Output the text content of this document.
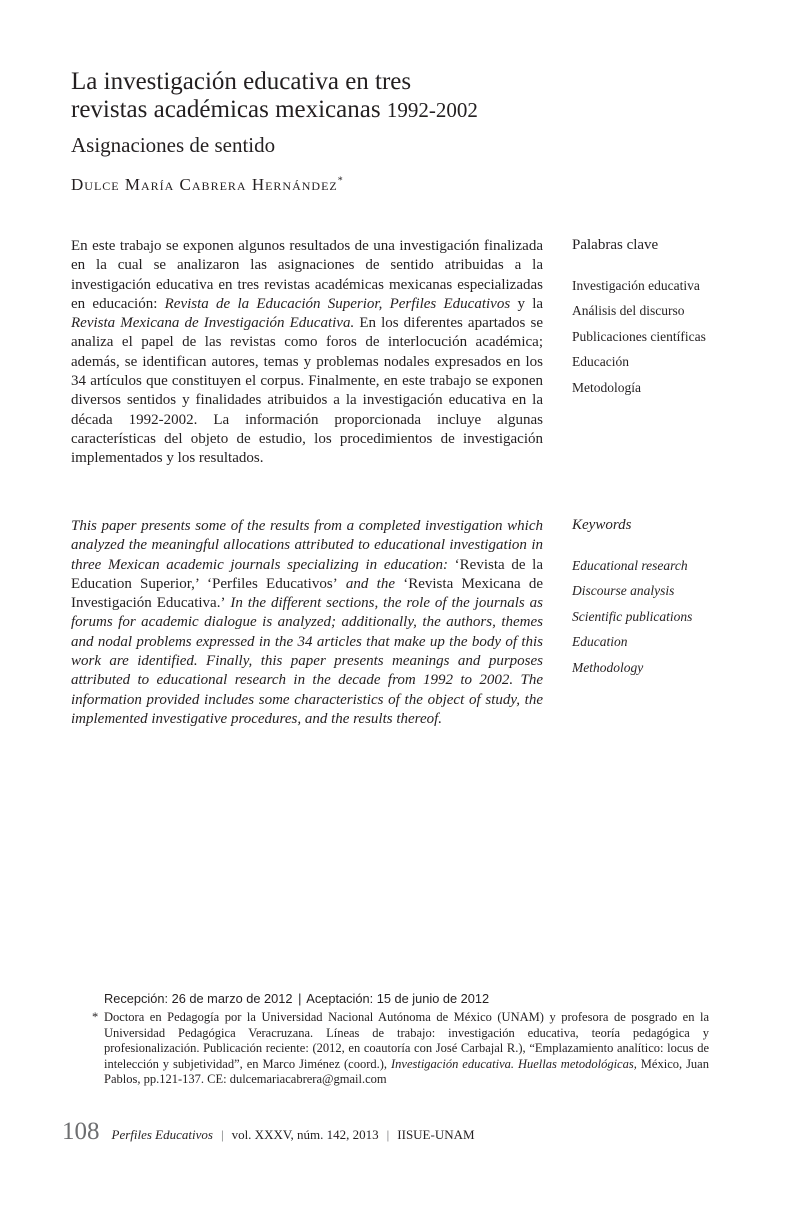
La investigación educativa en tres
revistas académicas mexicanas 1992-2002
Asignaciones de sentido
Dulce María Cabrera Hernández*
En este trabajo se exponen algunos resultados de una investigación finalizada en la cual se analizaron las asignaciones de sentido atribuidas a la investigación educativa en tres revistas académicas mexicanas especializadas en educación: Revista de la Educación Superior, Perfiles Educativos y la Revista Mexicana de Investigación Educativa. En los diferentes apartados se analiza el papel de las revistas como foros de interlocución académica; además, se identifican autores, temas y problemas nodales expresados en los 34 artículos que constituyen el corpus. Finalmente, en este trabajo se exponen diversos sentidos y finalidades atribuidos a la investigación educativa en la década 1992-2002. La información proporcionada incluye algunas características del objeto de estudio, los procedimientos de investigación implementados y los resultados.
Palabras clave
Investigación educativa
Análisis del discurso
Publicaciones científicas
Educación
Metodología
This paper presents some of the results from a completed investigation which analyzed the meaningful allocations attributed to educational investigation in three Mexican academic journals specializing in education: ‘Revista de la Education Superior,’ ‘Perfiles Educativos’ and the ‘Revista Mexicana de Investigación Educativa.’ In the different sections, the role of the journals as forums for academic dialogue is analyzed; additionally, the authors, themes and nodal problems expressed in the 34 articles that make up the body of this work are identified. Finally, this paper presents meanings and purposes attributed to educational research in the decade from 1992 to 2002. The information provided includes some characteristics of the object of study, the implemented investigative procedures, and the results thereof.
Keywords
Educational research
Discourse analysis
Scientific publications
Education
Methodology
Recepción: 26 de marzo de 2012 | Aceptación: 15 de junio de 2012
* Doctora en Pedagogía por la Universidad Nacional Autónoma de México (UNAM) y profesora de posgrado en la Universidad Pedagógica Veracruzana. Líneas de trabajo: investigación educativa, teoría pedagógica y profesionalización. Publicación reciente: (2012, en coautoría con José Carbajal R.), “Emplazamiento analítico: locus de intelección y subjetividad”, en Marco Jiménez (coord.), Investigación educativa. Huellas metodológicas, México, Juan Pablos, pp.121-137. CE: dulcemariacabrera@gmail.com
108 Perfiles Educativos | vol. XXXV, núm. 142, 2013 | IISUE-UNAM
